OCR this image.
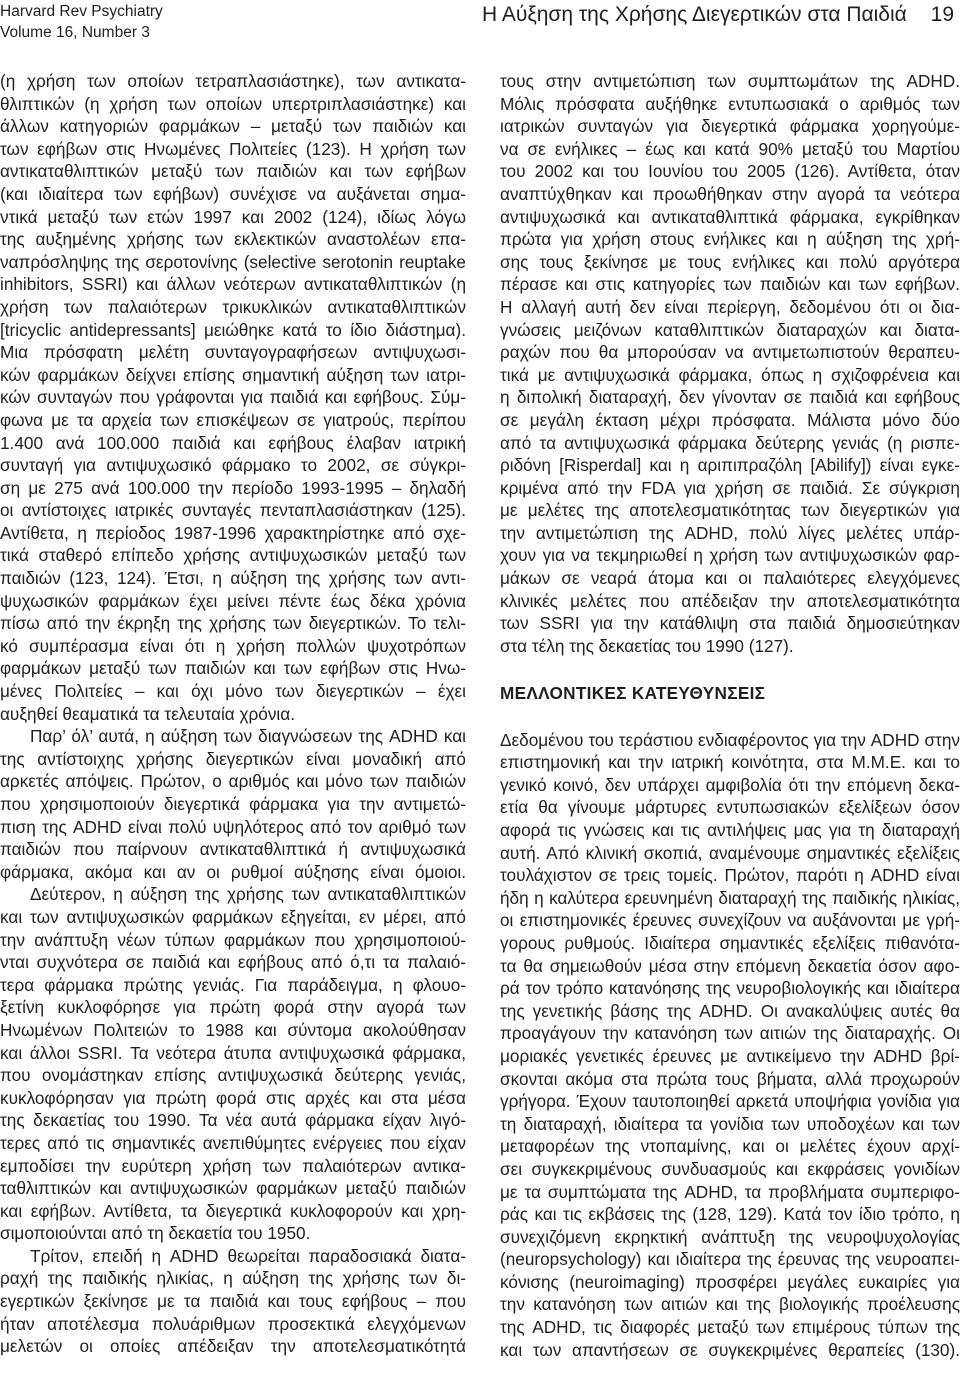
Harvard Rev Psychiatry
Volume 16, Number 3
Η Αύξηση της Χρήσης Διεγερτικών στα Παιδιά 19
(η χρήση των οποίων τετραπλασιάστηκε), των αντικατα-
θλιπτικών (η χρήση των οποίων υπερτριπλασιάστηκε) και
άλλων κατηγοριών φαρμάκων – μεταξύ των παιδιών και
των εφήβων στις Ηνωμένες Πολιτείες (123). Η χρήση των
αντικαταθλιπτικών μεταξύ των παιδιών και των εφήβων
(και ιδιαίτερα των εφήβων) συνέχισε να αυξάνεται σημα-
ντικά μεταξύ των ετών 1997 και 2002 (124), ιδίως λόγω
της αυξημένης χρήσης των εκλεκτικών αναστολέων επα-
ναπρόσληψης της σεροτονίνης (selective serotonin reuptake
inhibitors, SSRI) και άλλων νεότερων αντικαταθλιπτικών (η
χρήση των παλαιότερων τρικυκλικών αντικαταθλιπτικών
[tricyclic antidepressants] μειώθηκε κατά το ίδιο διάστημα).
Μια πρόσφατη μελέτη συνταγογραφήσεων αντιψυχωσι-
κών φαρμάκων δείχνει επίσης σημαντική αύξηση των ιατρι-
κών συνταγών που γράφονται για παιδιά και εφήβους. Σύμ-
φωνα με τα αρχεία των επισκέψεων σε γιατρούς, περίπου
1.400 ανά 100.000 παιδιά και εφήβους έλαβαν ιατρική
συνταγή για αντιψυχωσικό φάρμακο το 2002, σε σύγκρι-
ση με 275 ανά 100.000 την περίοδο 1993-1995 – δηλαδή
οι αντίστοιχες ιατρικές συνταγές πενταπλασιάστηκαν (125).
Αντίθετα, η περίοδος 1987-1996 χαρακτηρίστηκε από σχε-
τικά σταθερό επίπεδο χρήσης αντιψυχωσικών μεταξύ των
παιδιών (123, 124). Έτσι, η αύξηση της χρήσης των αντι-
ψυχωσικών φαρμάκων έχει μείνει πέντε έως δέκα χρόνια
πίσω από την έκρηξη της χρήσης των διεγερτικών. Το τελι-
κό συμπέρασμα είναι ότι η χρήση πολλών ψυχοτρόπων
φαρμάκων μεταξύ των παιδιών και των εφήβων στις Ηνω-
μένες Πολιτείες – και όχι μόνο των διεγερτικών – έχει
αυξηθεί θεαματικά τα τελευταία χρόνια.
Παρ’ όλ’ αυτά, η αύξηση των διαγνώσεων της ADHD και
της αντίστοιχης χρήσης διεγερτικών είναι μοναδική από
αρκετές απόψεις. Πρώτον, ο αριθμός και μόνο των παιδιών
που χρησιμοποιούν διεγερτικά φάρμακα για την αντιμετώ-
πιση της ADHD είναι πολύ υψηλότερος από τον αριθμό των
παιδιών που παίρνουν αντικαταθλιπτικά ή αντιψυχωσικά
φάρμακα, ακόμα και αν οι ρυθμοί αύξησης είναι όμοιοι.
Δεύτερον, η αύξηση της χρήσης των αντικαταθλιπτικών
και των αντιψυχωσικών φαρμάκων εξηγείται, εν μέρει, από
την ανάπτυξη νέων τύπων φαρμάκων που χρησιμοποιού-
νται συχνότερα σε παιδιά και εφήβους από ό,τι τα παλαιό-
τερα φάρμακα πρώτης γενιάς. Για παράδειγμα, η φλουο-
ξετίνη κυκλοφόρησε για πρώτη φορά στην αγορά των
Ηνωμένων Πολιτειών το 1988 και σύντομα ακολούθησαν
και άλλοι SSRI. Τα νεότερα άτυπα αντιψυχωσικά φάρμακα,
που ονομάστηκαν επίσης αντιψυχωσικά δεύτερης γενιάς,
κυκλοφόρησαν για πρώτη φορά στις αρχές και στα μέσα
της δεκαετίας του 1990. Τα νέα αυτά φάρμακα είχαν λιγό-
τερες από τις σημαντικές ανεπιθύμητες ενέργειες που είχαν
εμποδίσει την ευρύτερη χρήση των παλαιότερων αντικα-
ταθλιπτικών και αντιψυχωσικών φαρμάκων μεταξύ παιδιών
και εφήβων. Αντίθετα, τα διεγερτικά κυκλοφορούν και χρη-
σιμοποιούνται από τη δεκαετία του 1950.
Τρίτον, επειδή η ADHD θεωρείται παραδοσιακά διατα-
ραχή της παιδικής ηλικίας, η αύξηση της χρήσης των δι-
εγερτικών ξεκίνησε με τα παιδιά και τους εφήβους – που
ήταν αποτέλεσμα πολυάριθμων προσεκτικά ελεγχόμενων
μελετών οι οποίες απέδειξαν την αποτελεσματικότητά
τους στην αντιμετώπιση των συμπτωμάτων της ADHD.
Μόλις πρόσφατα αυξήθηκε εντυπωσιακά ο αριθμός των
ιατρικών συνταγών για διεγερτικά φάρμακα χορηγούμε-
να σε ενήλικες – έως και κατά 90% μεταξύ του Μαρτίου
του 2002 και του Ιουνίου του 2005 (126). Αντίθετα, όταν
αναπτύχθηκαν και προωθήθηκαν στην αγορά τα νεότερα
αντιψυχωσικά και αντικαταθλιπτικά φάρμακα, εγκρίθηκαν
πρώτα για χρήση στους ενήλικες και η αύξηση της χρή-
σης τους ξεκίνησε με τους ενήλικες και πολύ αργότερα
πέρασε και στις κατηγορίες των παιδιών και των εφήβων.
Η αλλαγή αυτή δεν είναι περίεργη, δεδομένου ότι οι δια-
γνώσεις μειζόνων καταθλιπτικών διαταραχών και διατα-
ραχών που θα μπορούσαν να αντιμετωπιστούν θεραπευ-
τικά με αντιψυχωσικά φάρμακα, όπως η σχιζοφρένεια και
η διπολική διαταραχή, δεν γίνονταν σε παιδιά και εφήβους
σε μεγάλη έκταση μέχρι πρόσφατα. Μάλιστα μόνο δύο
από τα αντιψυχωσικά φάρμακα δεύτερης γενιάς (η ρισπε-
ριδόνη [Risperdal] και η αριπιπραζόλη [Abilify]) είναι εγκε-
κριμένα από την FDA για χρήση σε παιδιά. Σε σύγκριση
με μελέτες της αποτελεσματικότητας των διεγερτικών για
την αντιμετώπιση της ADHD, πολύ λίγες μελέτες υπάρ-
χουν για να τεκμηριωθεί η χρήση των αντιψυχωσικών φαρ-
μάκων σε νεαρά άτομα και οι παλαιότερες ελεγχόμενες
κλινικές μελέτες που απέδειξαν την αποτελεσματικότητα
των SSRI για την κατάθλιψη στα παιδιά δημοσιεύτηκαν
στα τέλη της δεκαετίας του 1990 (127).
ΜΕΛΛΟΝΤΙΚΕΣ ΚΑΤΕΥΘΥΝΣΕΙΣ
Δεδομένου του τεράστιου ενδιαφέροντος για την ADHD στην
επιστημονική και την ιατρική κοινότητα, στα Μ.Μ.Ε. και το
γενικό κοινό, δεν υπάρχει αμφιβολία ότι την επόμενη δεκα-
ετία θα γίνουμε μάρτυρες εντυπωσιακών εξελίξεων όσον
αφορά τις γνώσεις και τις αντιλήψεις μας για τη διαταραχή
αυτή. Από κλινική σκοπιά, αναμένουμε σημαντικές εξελίξεις
τουλάχιστον σε τρεις τομείς. Πρώτον, παρότι η ADHD είναι
ήδη η καλύτερα ερευνημένη διαταραχή της παιδικής ηλικίας,
οι επιστημονικές έρευνες συνεχίζουν να αυξάνονται με γρή-
γορους ρυθμούς. Ιδιαίτερα σημαντικές εξελίξεις πιθανότα-
τα θα σημειωθούν μέσα στην επόμενη δεκαετία όσον αφο-
ρά τον τρόπο κατανόησης της νευροβιολογικής και ιδιαίτερα
της γενετικής βάσης της ADHD. Οι ανακαλύψεις αυτές θα
προαγάγουν την κατανόηση των αιτιών της διαταραχής. Οι
μοριακές γενετικές έρευνες με αντικείμενο την ADHD βρί-
σκονται ακόμα στα πρώτα τους βήματα, αλλά προχωρούν
γρήγορα. Έχουν ταυτοποιηθεί αρκετά υποψήφια γονίδια για
τη διαταραχή, ιδιαίτερα τα γονίδια των υποδοχέων και των
μεταφορέων της ντοπαμίνης, και οι μελέτες έχουν αρχί-
σει συγκεκριμένους συνδυασμούς και εκφράσεις γονιδίων
με τα συμπτώματα της ADHD, τα προβλήματα συμπεριφο-
ράς και τις εκβάσεις της (128, 129). Κατά τον ίδιο τρόπο, η
συνεχιζόμενη εκρηκτική ανάπτυξη της νευροψυχολογίας
(neuropsychology) και ιδιαίτερα της έρευνας της νευροαπει-
κόνισης (neuroimaging) προσφέρει μεγάλες ευκαιρίες για
την κατανόηση των αιτιών και της βιολογικής προέλευσης
της ADHD, τις διαφορές μεταξύ των επιμέρους τύπων της
και των απαντήσεων σε συγκεκριμένες θεραπείες (130).
